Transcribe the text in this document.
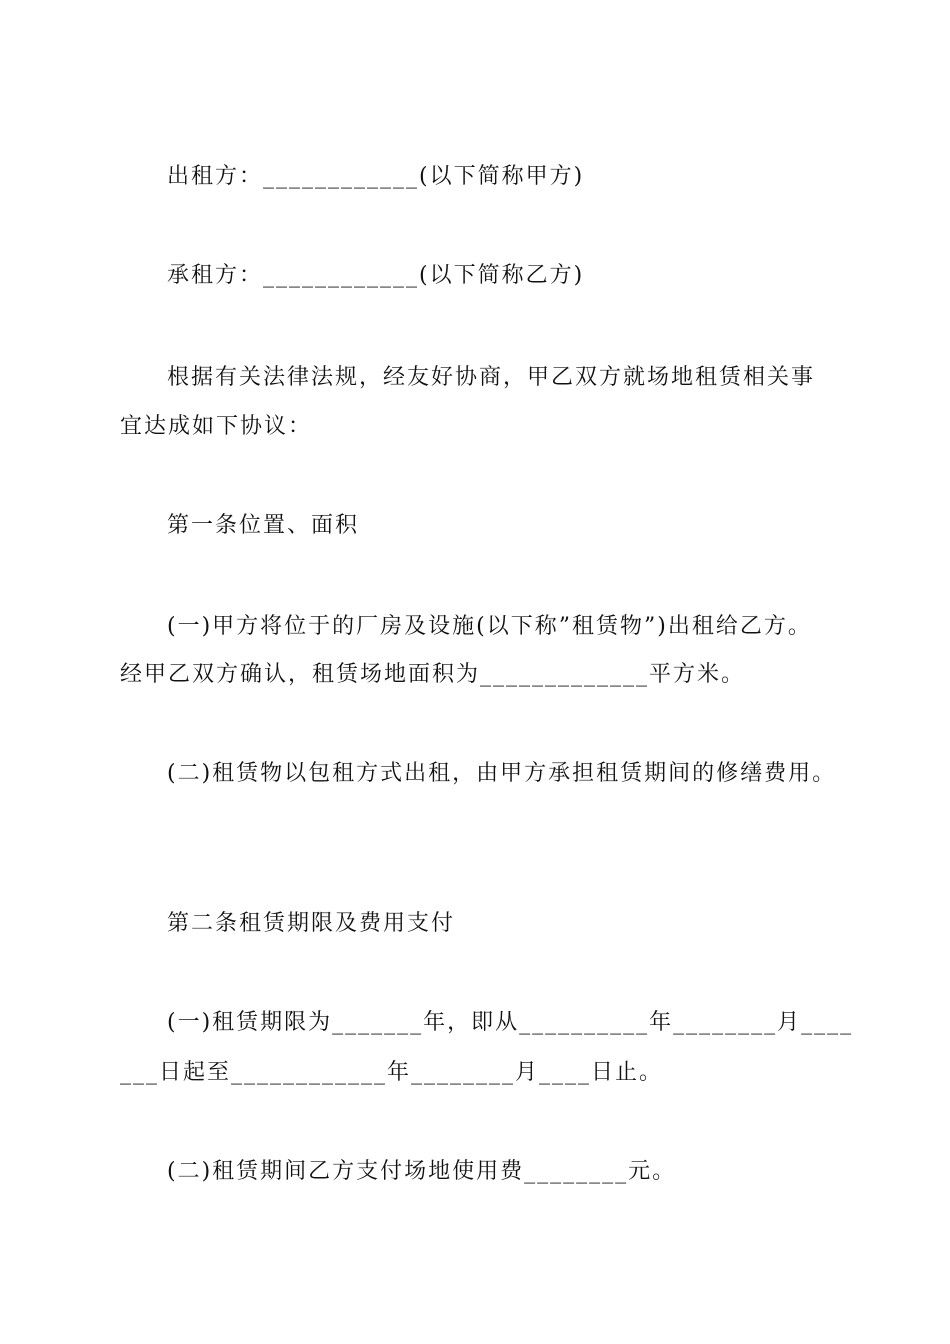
出租方：____________(以下简称甲方)
承租方：____________(以下简称乙方)
根据有关法律法规，经友好协商，甲乙双方就场地租赁相关事
宜达成如下协议：
第一条位置、面积
(一)甲方将位于的厂房及设施(以下称”租赁物”)出租给乙方。
经甲乙双方确认，租赁场地面积为_____________平方米。
(二)租赁物以包租方式出租，由甲方承担租赁期间的修缮费用。
第二条租赁期限及费用支付
(一)租赁期限为_______年，即从__________年________月____
___日起至____________年________月____日止。
(二)租赁期间乙方支付场地使用费________元。
